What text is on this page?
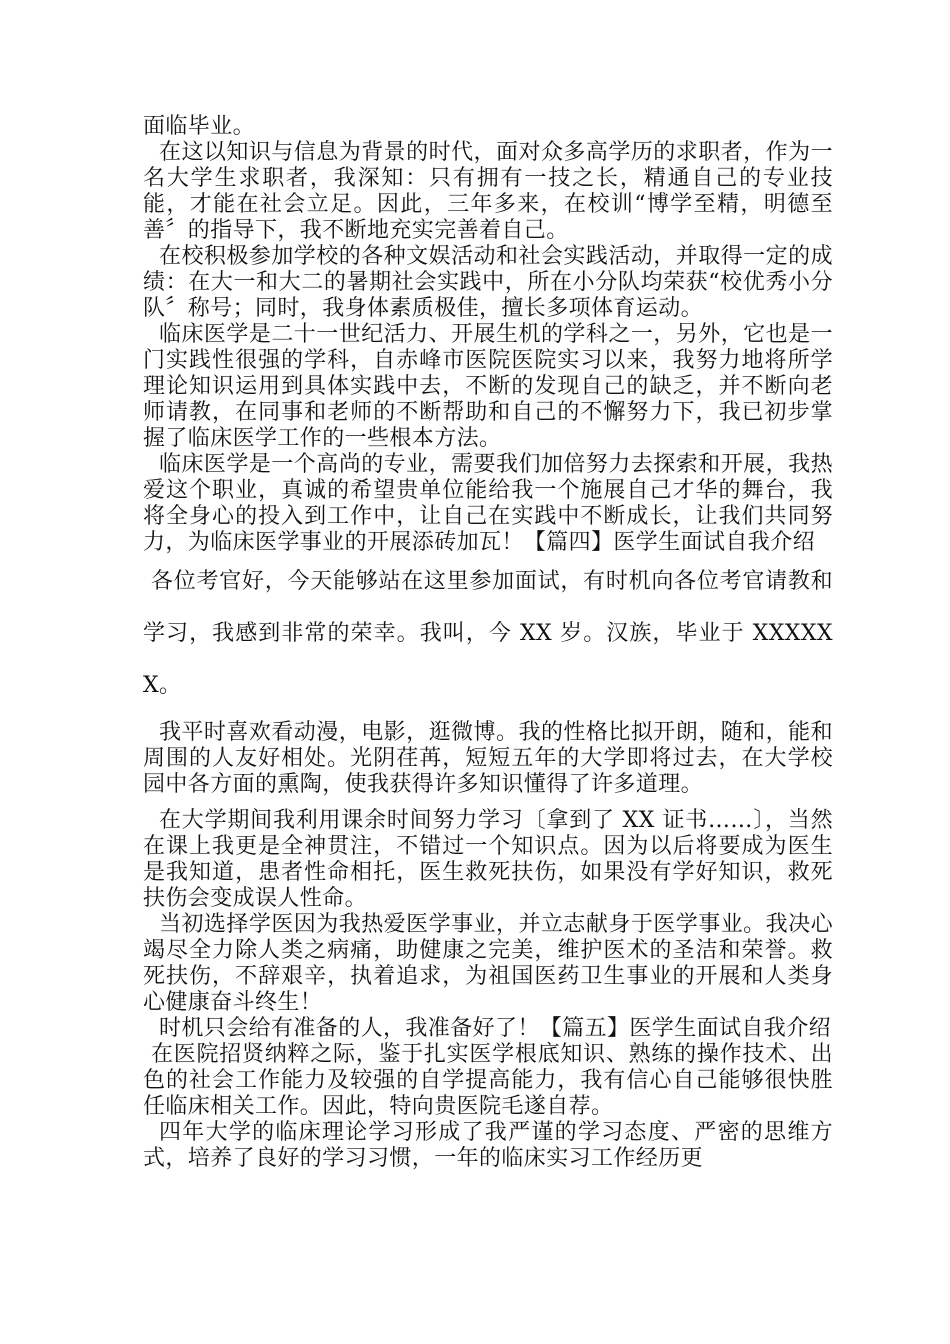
面临毕业。

在这以知识与信息为背景的时代，面对众多高学历的求职者，作为一名大学生求职者，我深知：只有拥有一技之长，精通自己的专业技能，才能在社会立足。因此，三年多来，在校训“博学至精，明德至善〞的指导下，我不断地充实完善着自己。

在校积极参加学校的各种文娱活动和社会实践活动，并取得一定的成绩：在大一和大二的暑期社会实践中，所在小分队均荣获“校优秀小分队〞称号；同时，我身体素质极佳，擅长多项体育运动。

临床医学是二十一世纪活力、开展生机的学科之一，另外，它也是一门实践性很强的学科，自赤峰市医院医院实习以来，我努力地将所学理论知识运用到具体实践中去，不断的发现自己的缺乏，并不断向老师请教，在同事和老师的不断帮助和自己的不懈努力下，我已初步掌握了临床医学工作的一些根本方法。

临床医学是一个高尚的专业，需要我们加倍努力去探索和开展，我热爱这个职业，真诚的希望贵单位能给我一个施展自己才华的舞台，我将全身心的投入到工作中，让自己在实践中不断成长，让我们共同努力，为临床医学事业的开展添砖加瓦！【篇四】医学生面试自我介绍

各位考官好，今天能够站在这里参加面试，有时机向各位考官请教和学习，我感到非常的荣幸。我叫，今 XX 岁。汉族，毕业于 XXXXXX。

我平时喜欢看动漫，电影，逛微博。我的性格比拟开朗，随和，能和周围的人友好相处。光阴荏苒，短短五年的大学即将过去，在大学校园中各方面的熏陶，使我获得许多知识懂得了许多道理。

在大学期间我利用课余时间努力学习〔拿到了 XX 证书……〕，当然在课上我更是全神贯注，不错过一个知识点。因为以后将要成为医生是我知道，患者性命相托，医生救死扶伤，如果没有学好知识，救死扶伤会变成误人性命。

当初选择学医因为我热爱医学事业，并立志献身于医学事业。我决心竭尽全力除人类之病痛，助健康之完美，维护医术的圣洁和荣誉。救死扶伤，不辞艰辛，执着追求，为祖国医药卫生事业的开展和人类身心健康奋斗终生！

时机只会给有准备的人，我准备好了！【篇五】医学生面试自我介绍

在医院招贤纳粹之际，鉴于扎实医学根底知识、熟练的操作技术、出色的社会工作能力及较强的自学提高能力，我有信心自己能够很快胜任临床相关工作。因此，特向贵医院毛遂自荐。

四年大学的临床理论学习形成了我严谨的学习态度、严密的思维方式，培养了良好的学习习惯，一年的临床实习工作经历更
